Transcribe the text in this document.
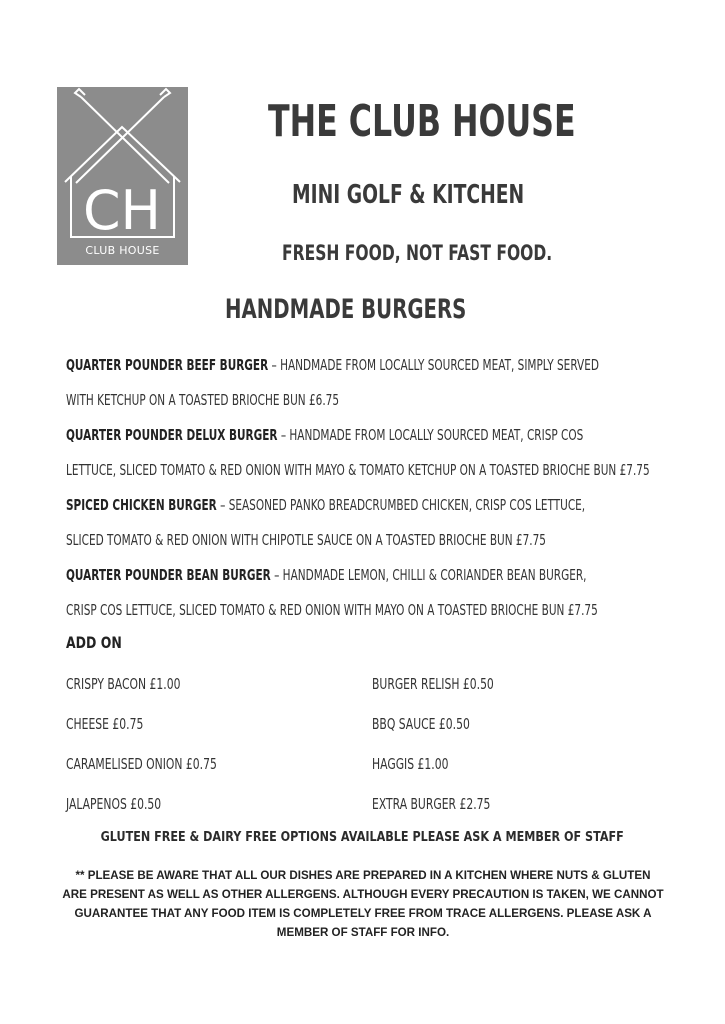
CH
CLUB HOUSE
THE CLUB HOUSE
MINI GOLF & KITCHEN
FRESH FOOD, NOT FAST FOOD.
HANDMADE BURGERS
QUARTER POUNDER BEEF BURGER – HANDMADE FROM LOCALLY SOURCED MEAT, SIMPLY SERVED
WITH KETCHUP ON A TOASTED BRIOCHE BUN £6.75
QUARTER POUNDER DELUX BURGER – HANDMADE FROM LOCALLY SOURCED MEAT, CRISP COS
LETTUCE, SLICED TOMATO & RED ONION WITH MAYO & TOMATO KETCHUP ON A TOASTED BRIOCHE BUN £7.75
SPICED CHICKEN BURGER – SEASONED PANKO BREADCRUMBED CHICKEN, CRISP COS LETTUCE,
SLICED TOMATO & RED ONION WITH CHIPOTLE SAUCE ON A TOASTED BRIOCHE BUN £7.75
QUARTER POUNDER BEAN BURGER – HANDMADE LEMON, CHILLI & CORIANDER BEAN BURGER,
CRISP COS LETTUCE, SLICED TOMATO & RED ONION WITH MAYO ON A TOASTED BRIOCHE BUN £7.75
ADD ON
CRISPY BACON £1.00	BURGER RELISH £0.50
CHEESE £0.75	BBQ SAUCE £0.50
CARAMELISED ONION £0.75	HAGGIS £1.00
JALAPENOS £0.50	EXTRA BURGER £2.75
GLUTEN FREE & DAIRY FREE OPTIONS AVAILABLE PLEASE ASK A MEMBER OF STAFF
** PLEASE BE AWARE THAT ALL OUR DISHES ARE PREPARED IN A KITCHEN WHERE NUTS & GLUTEN ARE PRESENT AS WELL AS OTHER ALLERGENS. ALTHOUGH EVERY PRECAUTION IS TAKEN, WE CANNOT GUARANTEE THAT ANY FOOD ITEM IS COMPLETELY FREE FROM TRACE ALLERGENS. PLEASE ASK A MEMBER OF STAFF FOR INFO.
